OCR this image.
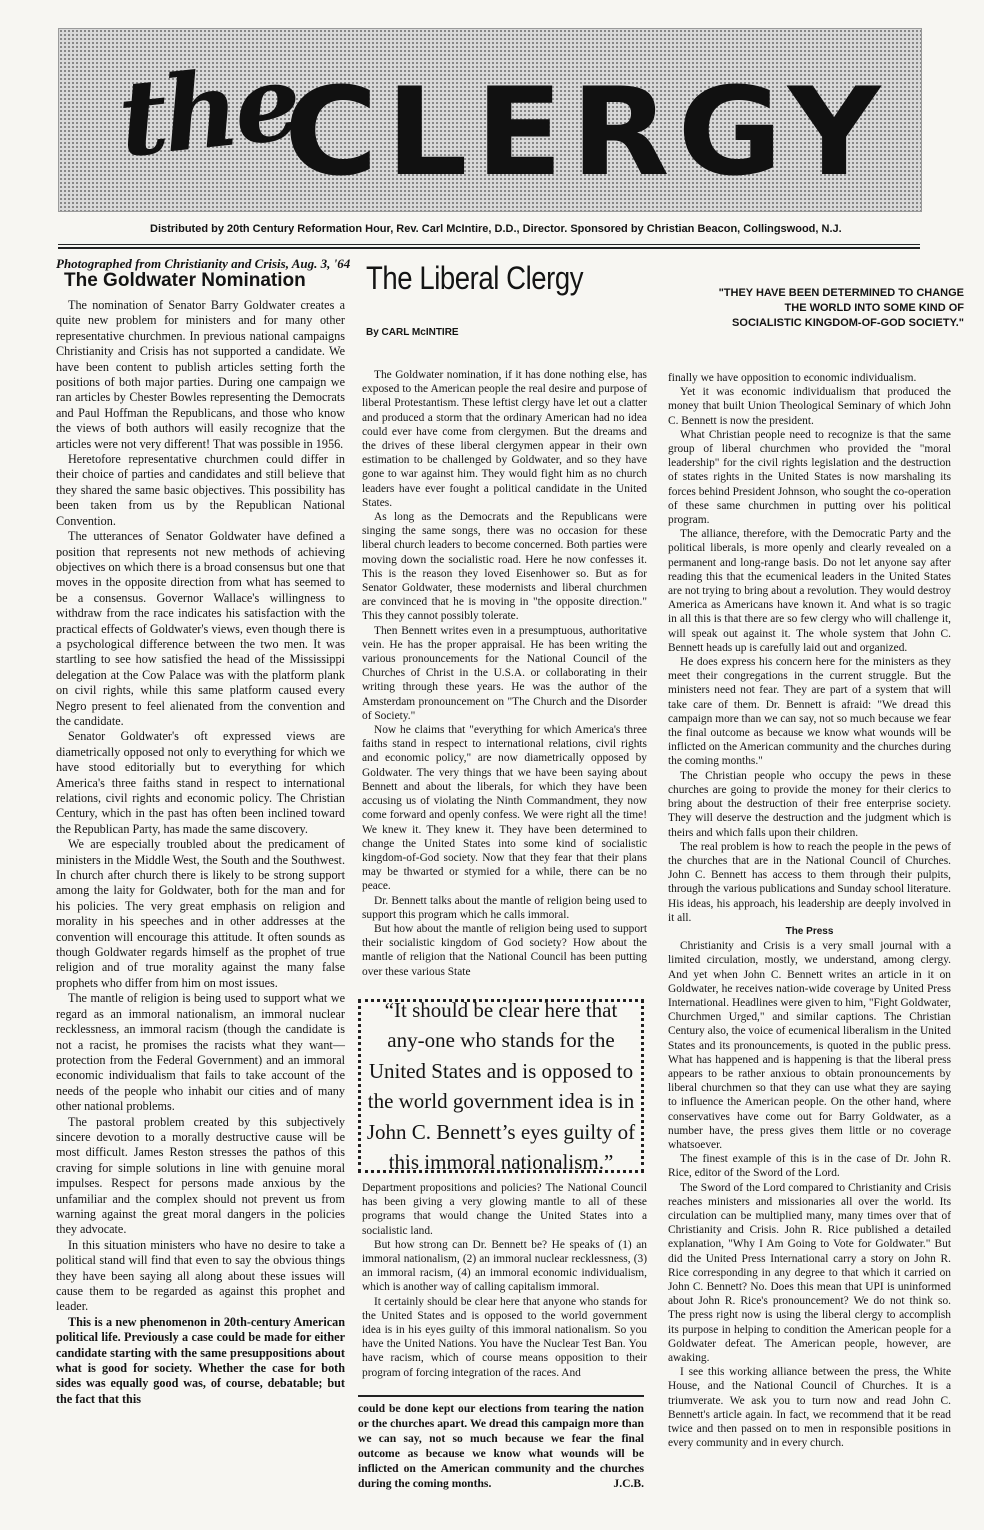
the
CLERGY
Distributed by 20th Century Reformation Hour, Rev. Carl McIntire, D.D., Director. Sponsored by Christian Beacon, Collingswood, N.J.
Photographed from Christianity and Crisis, Aug. 3, '64
The Goldwater Nomination

The nomination of Senator Barry Goldwater creates a quite new problem for ministers and for many other representative churchmen. In previous national campaigns Christianity and Crisis has not supported a candidate. We have been content to publish articles setting forth the positions of both major parties. During one campaign we ran articles by Chester Bowles representing the Democrats and Paul Hoffman the Republicans, and those who know the views of both authors will easily recognize that the articles were not very different! That was possible in 1956.

Heretofore representative churchmen could differ in their choice of parties and candidates and still believe that they shared the same basic objectives. This possibility has been taken from us by the Republican National Convention.

The utterances of Senator Goldwater have defined a position that represents not new methods of achieving objectives on which there is a broad consensus but one that moves in the opposite direction from what has seemed to be a consensus. Governor Wallace's willingness to withdraw from the race indicates his satisfaction with the practical effects of Goldwater's views, even though there is a psychological difference between the two men. It was startling to see how satisfied the head of the Mississippi delegation at the Cow Palace was with the platform plank on civil rights, while this same platform caused every Negro present to feel alienated from the convention and the candidate.

Senator Goldwater's oft expressed views are diametrically opposed not only to everything for which we have stood editorially but to everything for which America's three faiths stand in respect to international relations, civil rights and economic policy. The Christian Century, which in the past has often been inclined toward the Republican Party, has made the same discovery.

We are especially troubled about the predicament of ministers in the Middle West, the South and the Southwest. In church after church there is likely to be strong support among the laity for Goldwater, both for the man and for his policies. The very great emphasis on religion and morality in his speeches and in other addresses at the convention will encourage this attitude. It often sounds as though Goldwater regards himself as the prophet of true religion and of true morality against the many false prophets who differ from him on most issues.

The mantle of religion is being used to support what we regard as an immoral nationalism, an immoral nuclear recklessness, an immoral racism (though the candidate is not a racist, he promises the racists what they want—protection from the Federal Government) and an immoral economic individualism that fails to take account of the needs of the people who inhabit our cities and of many other national problems.

The pastoral problem created by this subjectively sincere devotion to a morally destructive cause will be most difficult. James Reston stresses the pathos of this craving for simple solutions in line with genuine moral impulses. Respect for persons made anxious by the unfamiliar and the complex should not prevent us from warning against the great moral dangers in the policies they advocate.

In this situation ministers who have no desire to take a political stand will find that even to say the obvious things they have been saying all along about these issues will cause them to be regarded as against this prophet and leader.

This is a new phenomenon in 20th-century American political life. Previously a case could be made for either candidate starting with the same presuppositions about what is good for society. Whether the case for both sides was equally good was, of course, debatable; but the fact that this

The Liberal Clergy
By CARL McINTIRE
"THEY HAVE BEEN DETERMINED TO CHANGE THE WORLD INTO SOME KIND OF SOCIALISTIC KINGDOM-OF-GOD SOCIETY."

The Goldwater nomination, if it has done nothing else, has exposed to the American people the real desire and purpose of liberal Protestantism. These leftist clergy have let out a clatter and produced a storm that the ordinary American had no idea could ever have come from clergymen. But the dreams and the drives of these liberal clergymen appear in their own estimation to be challenged by Goldwater, and so they have gone to war against him. They would fight him as no church leaders have ever fought a political candidate in the United States.

As long as the Democrats and the Republicans were singing the same songs, there was no occasion for these liberal church leaders to become concerned. Both parties were moving down the socialistic road. Here he now confesses it. This is the reason they loved Eisenhower so. But as for Senator Goldwater, these modernists and liberal churchmen are convinced that he is moving in "the opposite direction." This they cannot possibly tolerate.

Then Bennett writes even in a presumptuous, authoritative vein. He has the proper appraisal. He has been writing the various pronouncements for the National Council of the Churches of Christ in the U.S.A. or collaborating in their writing through these years. He was the author of the Amsterdam pronouncement on "The Church and the Disorder of Society."

Now he claims that "everything for which America's three faiths stand in respect to international relations, civil rights and economic policy," are now diametrically opposed by Goldwater. The very things that we have been saying about Bennett and about the liberals, for which they have been accusing us of violating the Ninth Commandment, they now come forward and openly confess. We were right all the time! We knew it. They knew it. They have been determined to change the United States into some kind of socialistic kingdom-of-God society. Now that they fear that their plans may be thwarted or stymied for a while, there can be no peace.

Dr. Bennett talks about the mantle of religion being used to support this program which he calls immoral.

But how about the mantle of religion being used to support their socialistic kingdom of God society? How about the mantle of religion that the National Council has been putting over these various State

“It should be clear here that any-one who stands for the United States and is opposed to the world government idea is in John C. Bennett’s eyes guilty of this immoral nationalism.”

Department propositions and policies? The National Council has been giving a very glowing mantle to all of these programs that would change the United States into a socialistic land.

But how strong can Dr. Bennett be? He speaks of (1) an immoral nationalism, (2) an immoral nuclear recklessness, (3) an immoral racism, (4) an immoral economic individualism, which is another way of calling capitalism immoral.

It certainly should be clear here that anyone who stands for the United States and is opposed to the world government idea is in his eyes guilty of this immoral nationalism. So you have the United Nations. You have the Nuclear Test Ban. You have racism, which of course means opposition to their program of forcing integration of the races. And

could be done kept our elections from tearing the nation or the churches apart. We dread this campaign more than we can say, not so much because we fear the final outcome as because we know what wounds will be inflicted on the American community and the churches during the coming months.	J.C.B.

finally we have opposition to economic individualism.

Yet it was economic individualism that produced the money that built Union Theological Seminary of which John C. Bennett is now the president.

What Christian people need to recognize is that the same group of liberal churchmen who provided the "moral leadership" for the civil rights legislation and the destruction of states rights in the United States is now marshaling its forces behind President Johnson, who sought the co-operation of these same churchmen in putting over his political program.

The alliance, therefore, with the Democratic Party and the political liberals, is more openly and clearly revealed on a permanent and long-range basis. Do not let anyone say after reading this that the ecumenical leaders in the United States are not trying to bring about a revolution. They would destroy America as Americans have known it. And what is so tragic in all this is that there are so few clergy who will challenge it, will speak out against it. The whole system that John C. Bennett heads up is carefully laid out and organized.

He does express his concern here for the ministers as they meet their congregations in the current struggle. But the ministers need not fear. They are part of a system that will take care of them. Dr. Bennett is afraid: "We dread this campaign more than we can say, not so much because we fear the final outcome as because we know what wounds will be inflicted on the American community and the churches during the coming months."

The Christian people who occupy the pews in these churches are going to provide the money for their clerics to bring about the destruction of their free enterprise society. They will deserve the destruction and the judgment which is theirs and which falls upon their children.

The real problem is how to reach the people in the pews of the churches that are in the National Council of Churches. John C. Bennett has access to them through their pulpits, through the various publications and Sunday school literature. His ideas, his approach, his leadership are deeply involved in it all.

The Press

Christianity and Crisis is a very small journal with a limited circulation, mostly, we understand, among clergy. And yet when John C. Bennett writes an article in it on Goldwater, he receives nation-wide coverage by United Press International. Headlines were given to him, "Fight Goldwater, Churchmen Urged," and similar captions. The Christian Century also, the voice of ecumenical liberalism in the United States and its pronouncements, is quoted in the public press. What has happened and is happening is that the liberal press appears to be rather anxious to obtain pronouncements by liberal churchmen so that they can use what they are saying to influence the American people. On the other hand, where conservatives have come out for Barry Goldwater, as a number have, the press gives them little or no coverage whatsoever.

The finest example of this is in the case of Dr. John R. Rice, editor of the Sword of the Lord.

The Sword of the Lord compared to Christianity and Crisis reaches ministers and missionaries all over the world. Its circulation can be multiplied many, many times over that of Christianity and Crisis. John R. Rice published a detailed explanation, "Why I Am Going to Vote for Goldwater." But did the United Press International carry a story on John R. Rice corresponding in any degree to that which it carried on John C. Bennett? No. Does this mean that UPI is uninformed about John R. Rice's pronouncement? We do not think so. The press right now is using the liberal clergy to accomplish its purpose in helping to condition the American people for a Goldwater defeat. The American people, however, are awaking.

I see this working alliance between the press, the White House, and the National Council of Churches. It is a triumverate. We ask you to turn now and read John C. Bennett's article again. In fact, we recommend that it be read twice and then passed on to men in responsible positions in every community and in every church.
